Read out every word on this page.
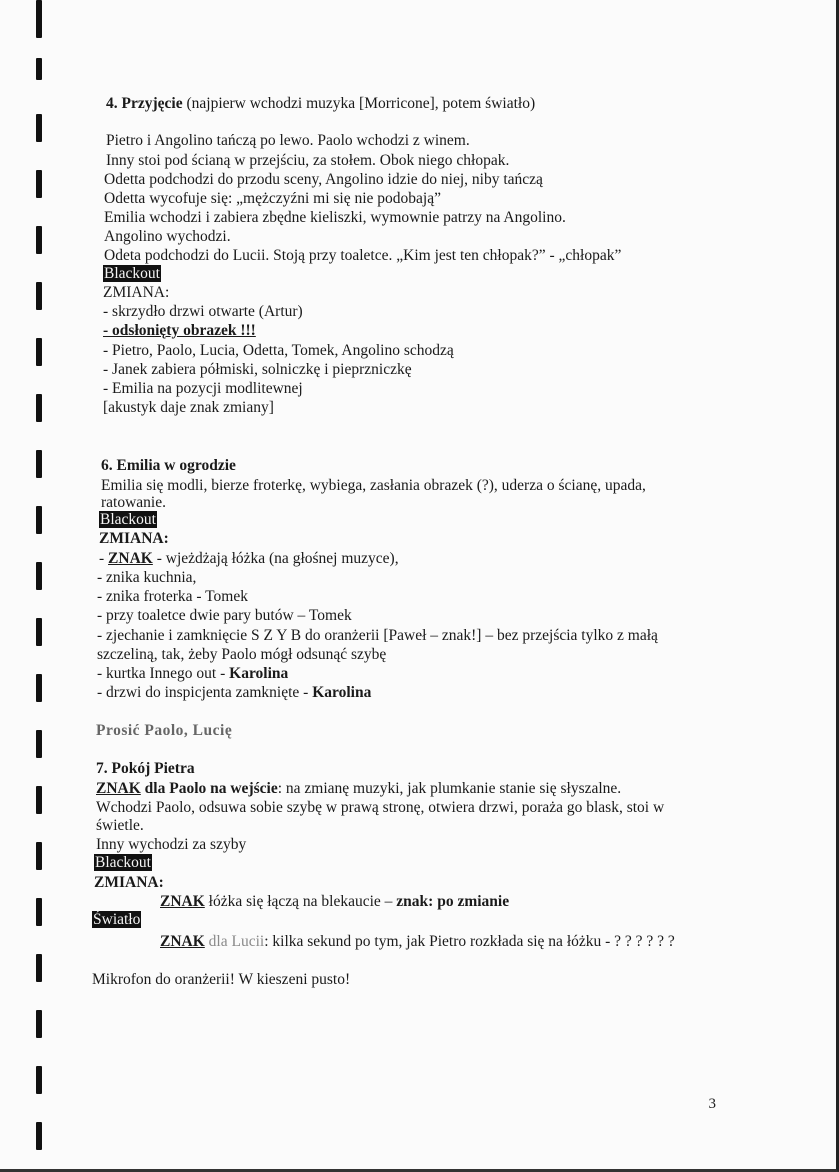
4. Przyjęcie (najpierw wchodzi muzyka [Morricone], potem światło)
Pietro i Angolino tańczą po lewo. Paolo wchodzi z winem.
Inny stoi pod ścianą w przejściu, za stołem. Obok niego chłopak.
Odetta podchodzi do przodu sceny, Angolino idzie do niej, niby tańczą
Odetta wycofuje się: „mężczyźni mi się nie podobają”
Emilia wchodzi i zabiera zbędne kieliszki, wymownie patrzy na Angolino.
Angolino wychodzi.
Odeta podchodzi do Lucii. Stoją przy toaletce. „Kim jest ten chłopak?” - „chłopak”
Blackout
ZMIANA:
- skrzydło drzwi otwarte (Artur)
- odsłonięty obrazek !!!
- Pietro, Paolo, Lucia, Odetta, Tomek, Angolino schodzą
- Janek zabiera półmiski, solniczkę i pieprzniczkę
- Emilia na pozycji modlitewnej
[akustyk daje znak zmiany]
6. Emilia w ogrodzie
Emilia się modli, bierze froterkę, wybiega, zasłania obrazek (?), uderza o ścianę, upada,
ratowanie.
Blackout
ZMIANA:
- ZNAK - wjeżdżają łóżka (na głośnej muzyce),
- znika kuchnia,
- znika froterka - Tomek
- przy toaletce dwie pary butów – Tomek
- zjechanie i zamknięcie S Z Y B do oranżerii [Paweł – znak!] – bez przejścia tylko z małą
szczeliną, tak, żeby Paolo mógł odsunąć szybę
- kurtka Innego out - Karolina
- drzwi do inspicjenta zamknięte - Karolina
Prosić Paolo, Lucię
7. Pokój Pietra
ZNAK dla Paolo na wejście: na zmianę muzyki, jak plumkanie stanie się słyszalne.
Wchodzi Paolo, odsuwa sobie szybę w prawą stronę, otwiera drzwi, poraża go blask, stoi w
świetle.
Inny wychodzi za szyby
Blackout
ZMIANA:
ZNAK łóżka się łączą na blekaucie – znak: po zmianie
Światło
ZNAK dla Lucii: kilka sekund po tym, jak Pietro rozkłada się na łóżku - ? ? ? ? ? ?
Mikrofon do oranżerii! W kieszeni pusto!
3
